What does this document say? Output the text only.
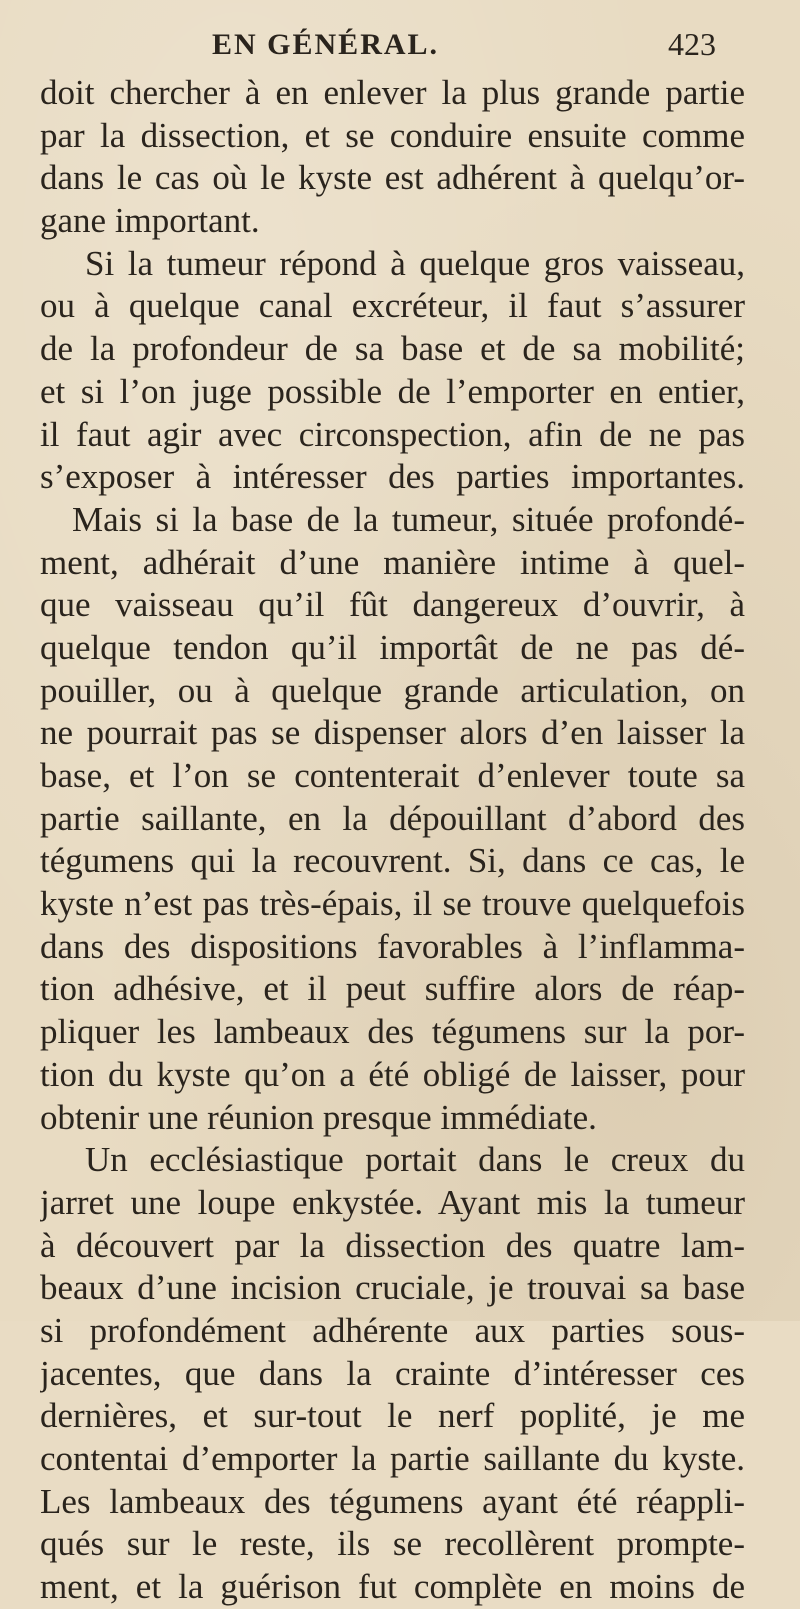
EN GÉNÉRAL.	423
doit chercher à en enlever la plus grande partie
par la dissection, et se conduire ensuite comme
dans le cas où le kyste est adhérent à quelqu’or-
gane important.
Si la tumeur répond à quelque gros vaisseau,
ou à quelque canal excréteur, il faut s’assurer
de la profondeur de sa base et de sa mobilité;
et si l’on juge possible de l’emporter en entier,
il faut agir avec circonspection, afin de ne pas
s’exposer à intéresser des parties importantes.
Mais si la base de la tumeur, située profondé-
ment, adhérait d’une manière intime à quel-
que vaisseau qu’il fût dangereux d’ouvrir, à
quelque tendon qu’il importât de ne pas dé-
pouiller, ou à quelque grande articulation, on
ne pourrait pas se dispenser alors d’en laisser la
base, et l’on se contenterait d’enlever toute sa
partie saillante, en la dépouillant d’abord des
tégumens qui la recouvrent. Si, dans ce cas, le
kyste n’est pas très-épais, il se trouve quelquefois
dans des dispositions favorables à l’inflamma-
tion adhésive, et il peut suffire alors de réap-
pliquer les lambeaux des tégumens sur la por-
tion du kyste qu’on a été obligé de laisser, pour
obtenir une réunion presque immédiate.
Un ecclésiastique portait dans le creux du
jarret une loupe enkystée. Ayant mis la tumeur
à découvert par la dissection des quatre lam-
beaux d’une incision cruciale, je trouvai sa base
si profondément adhérente aux parties sous-
jacentes, que dans la crainte d’intéresser ces
dernières, et sur-tout le nerf poplité, je me
contentai d’emporter la partie saillante du kyste.
Les lambeaux des tégumens ayant été réappli-
qués sur le reste, ils se recollèrent prompte-
ment, et la guérison fut complète en moins de
